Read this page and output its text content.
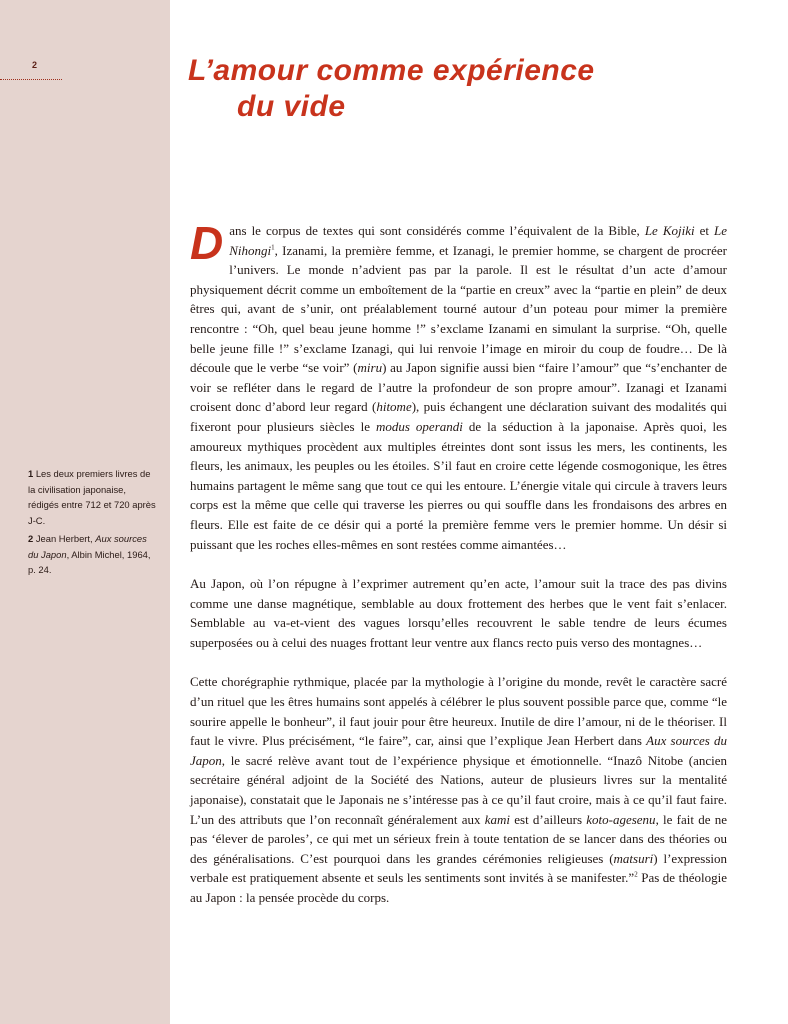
2

1 Les deux premiers livres de la civilisation japonaise, rédigés entre 712 et 720 après J-C.

2 Jean Herbert, Aux sources du Japon, Albin Michel, 1964, p. 24.

L’amour comme expérience
du vide

Dans le corpus de textes qui sont considérés comme l’équivalent de la Bible, Le Kojiki et Le Nihongi$^1$, Izanami, la première femme, et Izanagi, le premier homme, se chargent de procréer l’univers. Le monde n’advient pas par la parole. Il est le résultat d’un acte d’amour physiquement décrit comme un emboîtement de la “partie en creux” avec la “partie en plein” de deux êtres qui, avant de s’unir, ont préalablement tourné autour d’un poteau pour mimer la première rencontre : “Oh, quel beau jeune homme !” s’exclame Izanami en simulant la surprise. “Oh, quelle belle jeune fille !” s’exclame Izanagi, qui lui renvoie l’image en miroir du coup de foudre… De là découle que le verbe “se voir” (miru) au Japon signifie aussi bien “faire l’amour” que “s’enchanter de voir se refléter dans le regard de l’autre la profondeur de son propre amour”. Izanagi et Izanami croisent donc d’abord leur regard (hitome), puis échangent une déclaration suivant des modalités qui fixeront pour plusieurs siècles le modus operandi de la séduction à la japonaise. Après quoi, les amoureux mythiques procèdent aux multiples étreintes dont sont issus les mers, les continents, les fleurs, les animaux, les peuples ou les étoiles. S’il faut en croire cette légende cosmogonique, les êtres humains partagent le même sang que tout ce qui les entoure. L’énergie vitale qui circule à travers leurs corps est la même que celle qui traverse les pierres ou qui souffle dans les frondaisons des arbres en fleurs. Elle est faite de ce désir qui a porté la première femme vers le premier homme. Un désir si puissant que les roches elles-mêmes en sont restées comme aimantées…

Au Japon, où l’on répugne à l’exprimer autrement qu’en acte, l’amour suit la trace des pas divins comme une danse magnétique, semblable au doux frottement des herbes que le vent fait s’enlacer. Semblable au va-et-vient des vagues lorsqu’elles recouvrent le sable tendre de leurs écumes superposées ou à celui des nuages frottant leur ventre aux flancs recto puis verso des montagnes…

Cette chorégraphie rythmique, placée par la mythologie à l’origine du monde, revêt le caractère sacré d’un rituel que les êtres humains sont appelés à célébrer le plus souvent possible parce que, comme “le sourire appelle le bonheur”, il faut jouir pour être heureux. Inutile de dire l’amour, ni de le théoriser. Il faut le vivre. Plus précisément, “le faire”, car, ainsi que l’explique Jean Herbert dans Aux sources du Japon, le sacré relève avant tout de l’expérience physique et émotionnelle. “Inazô Nitobe (ancien secrétaire général adjoint de la Société des Nations, auteur de plusieurs livres sur la mentalité japonaise), constatait que le Japonais ne s’intéresse pas à ce qu’il faut croire, mais à ce qu’il faut faire. L’un des attributs que l’on reconnaît généralement aux kami est d’ailleurs koto-agesenu, le fait de ne pas ‘élever de paroles’, ce qui met un sérieux frein à toute tentation de se lancer dans des théories ou des généralisations. C’est pourquoi dans les grandes cérémonies religieuses (matsuri) l’expression verbale est pratiquement absente et seuls les sentiments sont invités à se manifester.”$^2$ Pas de théologie au Japon : la pensée procède du corps.
